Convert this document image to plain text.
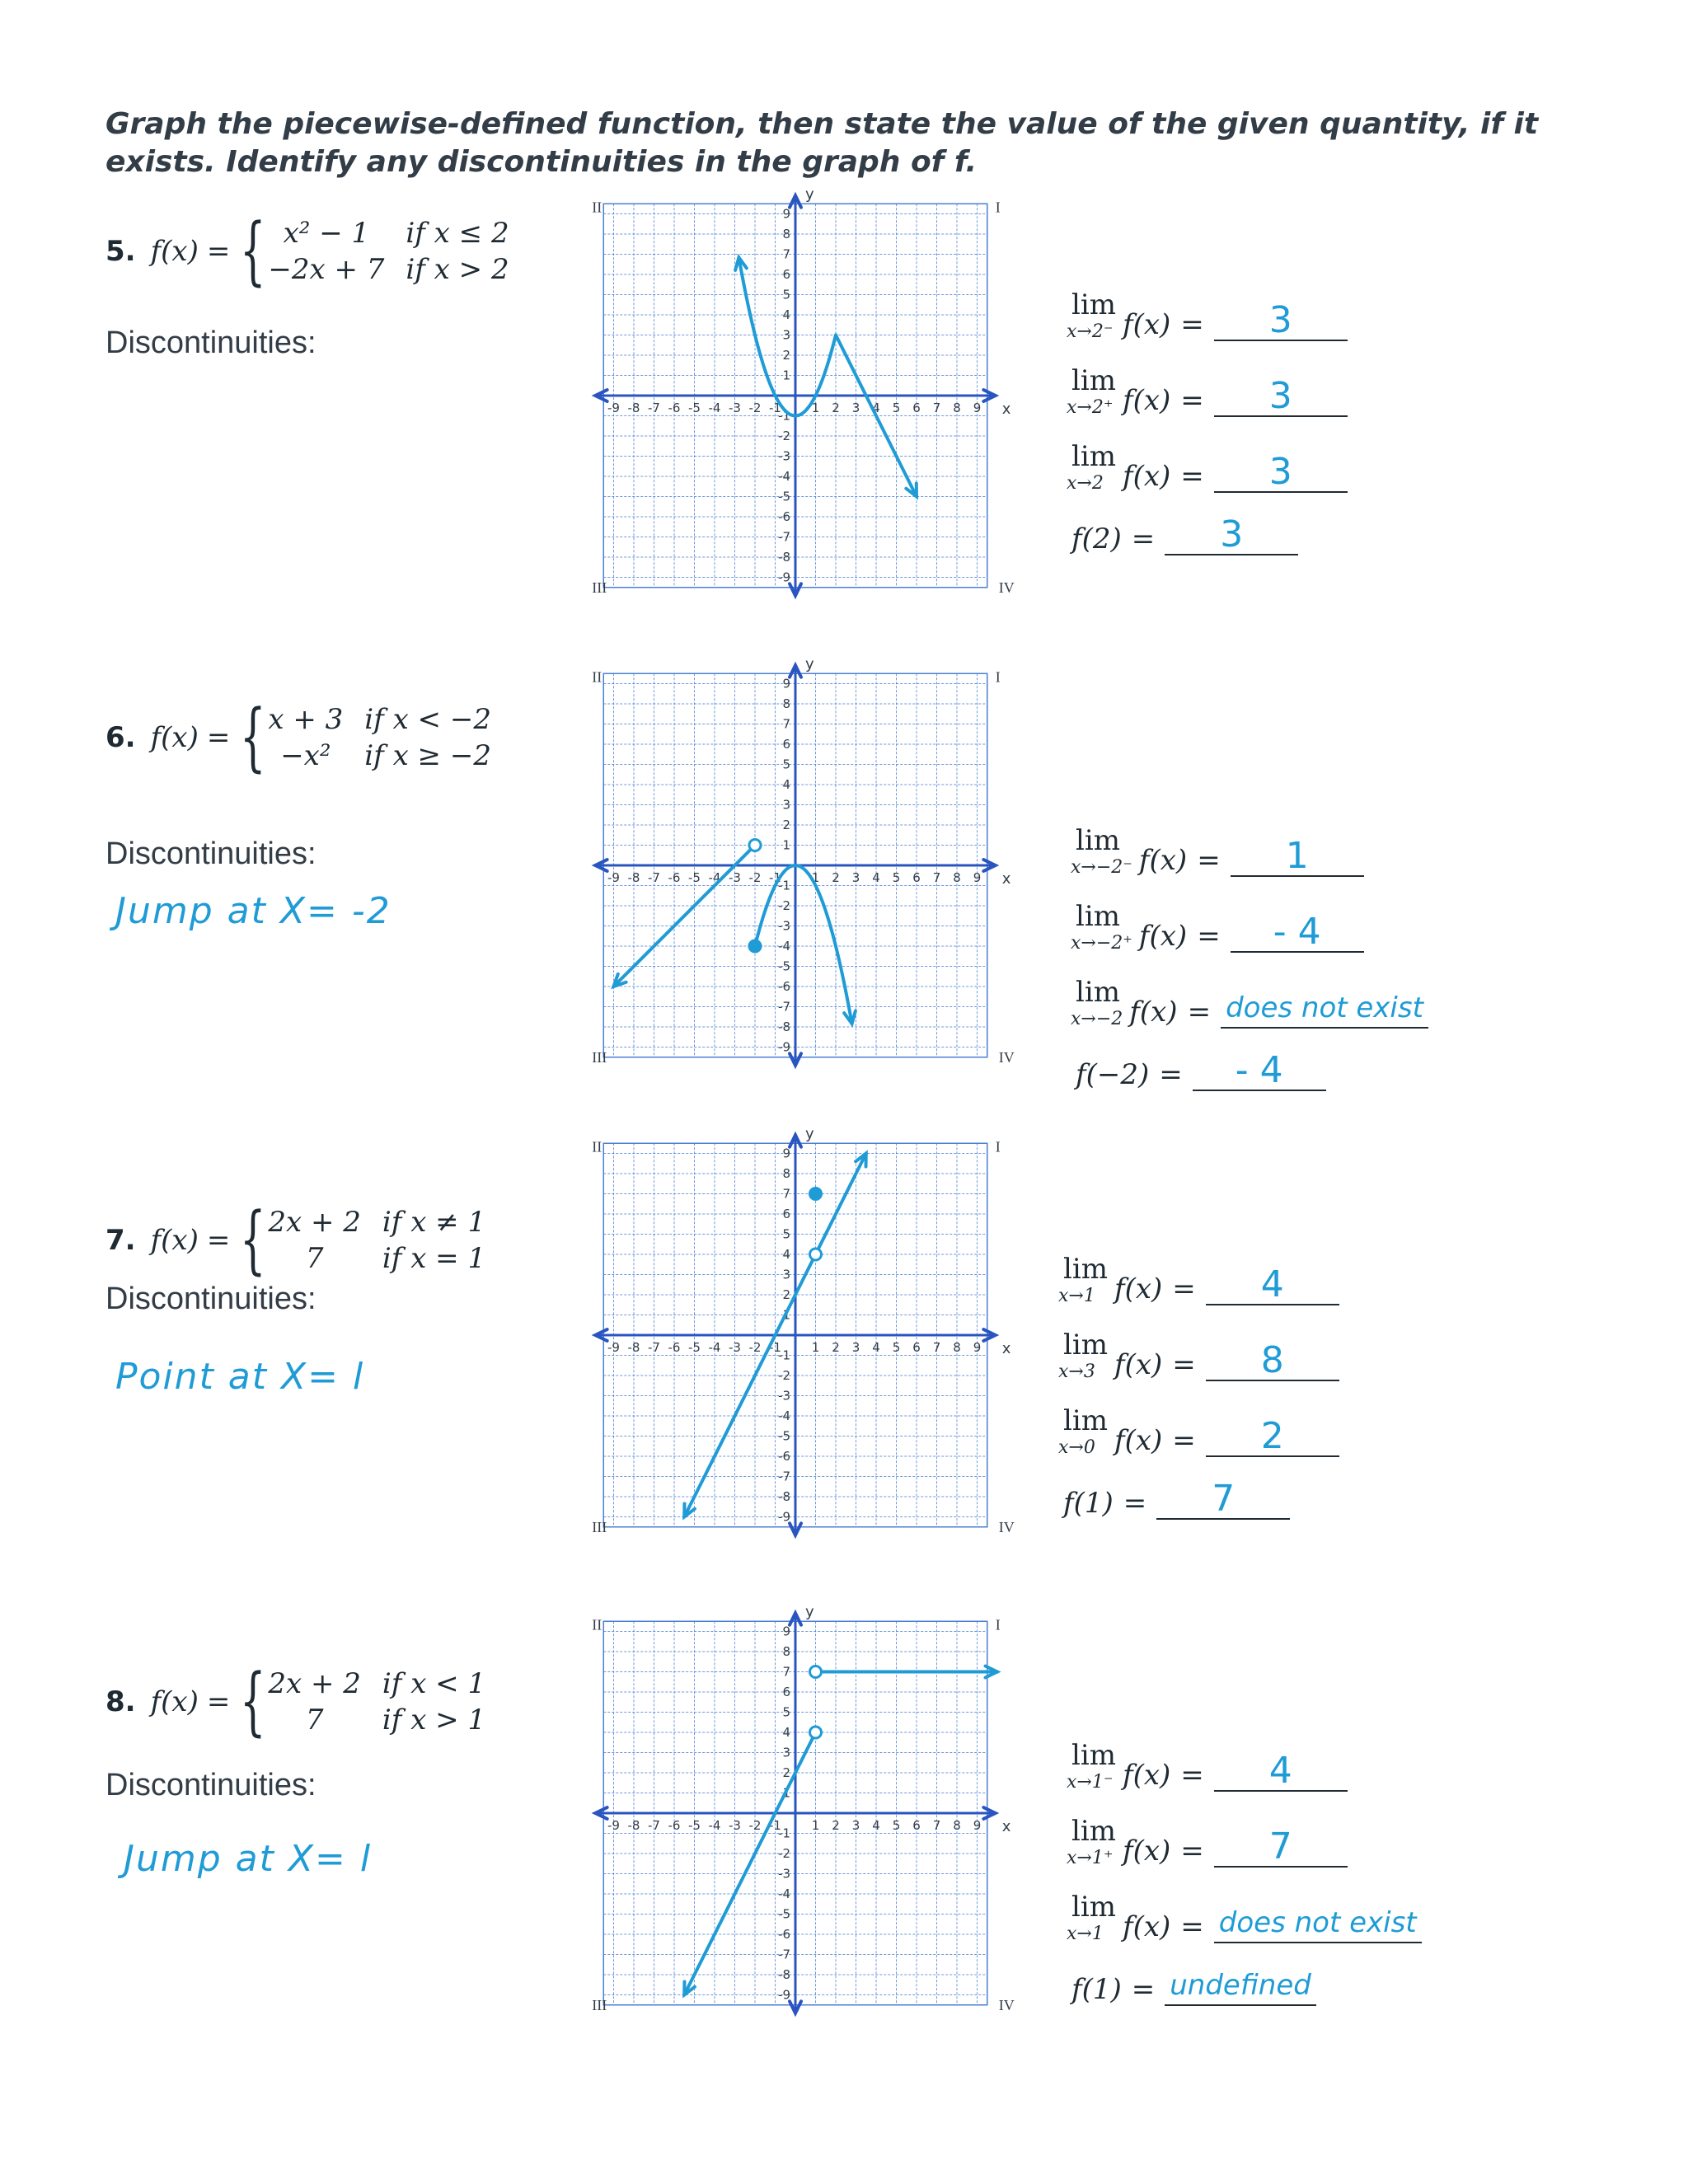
Graph the piecewise-defined function, then state the value of the given quantity, if it exists. Identify any discontinuities in the graph of f.

5. f(x) = { x² − 1	if x ≤ 2
−2x + 7 if x > 2
Discontinuities:
-9
-9
-8
-8
-7
-7
-6
-6
-5
-5
-4
-4
-3
-3
-2
-2
-1
-1
1
1
2
2
3
3
4
4
5
5
6
6
7
7
8
8
9
9	I
II
III	IV
x
y
lim
x→2⁻ f(x) =	3
lim
x→2⁺ f(x) =	3
lim
x→2 f(x) =	3
f(2) =	3
6. f(x) = { x + 3 if x < −2
−x²	if x ≥ −2
Discontinuities:
Jump at X= -2
-9
-9
-8
-8
-7
-7
-6
-6
-5
-5
-4
-4
-3
-3
-2
-2
-1
-1
1
1
2
2
3
3
4
4
5
5
6
6
7
7
8
8
9
9	I
II
III	IV
x
y
lim
x→−2⁻ f(x) =	1
lim
x→−2⁺ f(x) =	- 4
lim
x→−2 f(x) = does not exist
f(−2) =	- 4
7. f(x) = { 2x + 2 if x ≠ 1
7	if x = 1
Discontinuities:
Point at X= l
-9
-9
-8
-8
-7
-7
-6
-6
-5
-5
-4
-4
-3
-3
-2
-2
-1
-1
1
1
2
2
3
3
4
4
5
5
6
6
7
7
8
8
9
9	I
II
III	IV
x
y
lim
x→1 f(x) =	4
lim
x→3 f(x) =	8
lim
x→0 f(x) =	2
f(1) =	7
8. f(x) = { 2x + 2 if x < 1
7	if x > 1
Discontinuities:
Jump at X= l
-9
-9
-8
-8
-7
-7
-6
-6
-5
-5
-4
-4
-3
-3
-2
-2
-1
-1
1
1
2
2
3
3
4
4
5
5
6
6
7
7
8
8
9
9	I
II
III	IV
x
y
lim
x→1⁻ f(x) =	4
lim
x→1⁺ f(x) =	7
lim
x→1 f(x) = does not exist
f(1) = undefined
